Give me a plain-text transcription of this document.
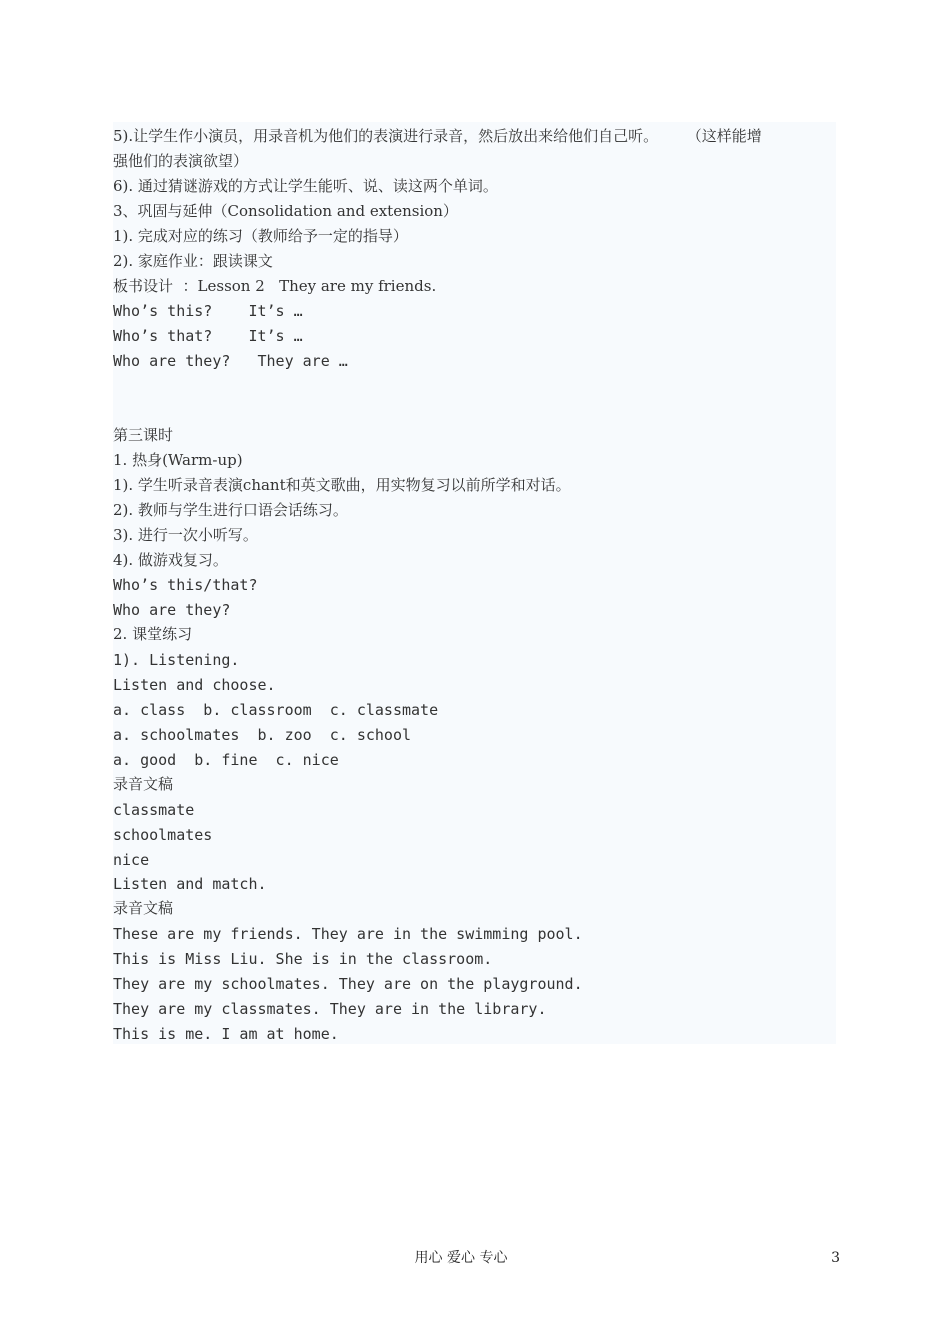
5).让学生作小演员，用录音机为他们的表演进行录音，然后放出来给他们自己听。      （这样能增
强他们的表演欲望）
6). 通过猜谜游戏的方式让学生能听、说、读这两个单词。
3、巩固与延伸（Consolidation and extension）
1). 完成对应的练习（教师给予一定的指导）
2). 家庭作业：跟读课文
板书设计  ：Lesson 2   They are my friends.
Who’s this?    It’s …
Who’s that?    It’s …
Who are they?   They are …
第三课时
1. 热身(Warm-up)
1). 学生听录音表演chant和英文歌曲，用实物复习以前所学和对话。
2). 教师与学生进行口语会话练习。
3). 进行一次小听写。
4). 做游戏复习。
Who’s this/that?
Who are they?
2. 课堂练习
1). Listening.
Listen and choose.
a. class  b. classroom  c. classmate
a. schoolmates  b. zoo  c. school
a. good  b. fine  c. nice
录音文稿
classmate
schoolmates
nice
Listen and match.
录音文稿
These are my friends. They are in the swimming pool.
This is Miss Liu. She is in the classroom.
They are my schoolmates. They are on the playground.
They are my classmates. They are in the library.
This is me. I am at home.
用心 爱心 专心	3
